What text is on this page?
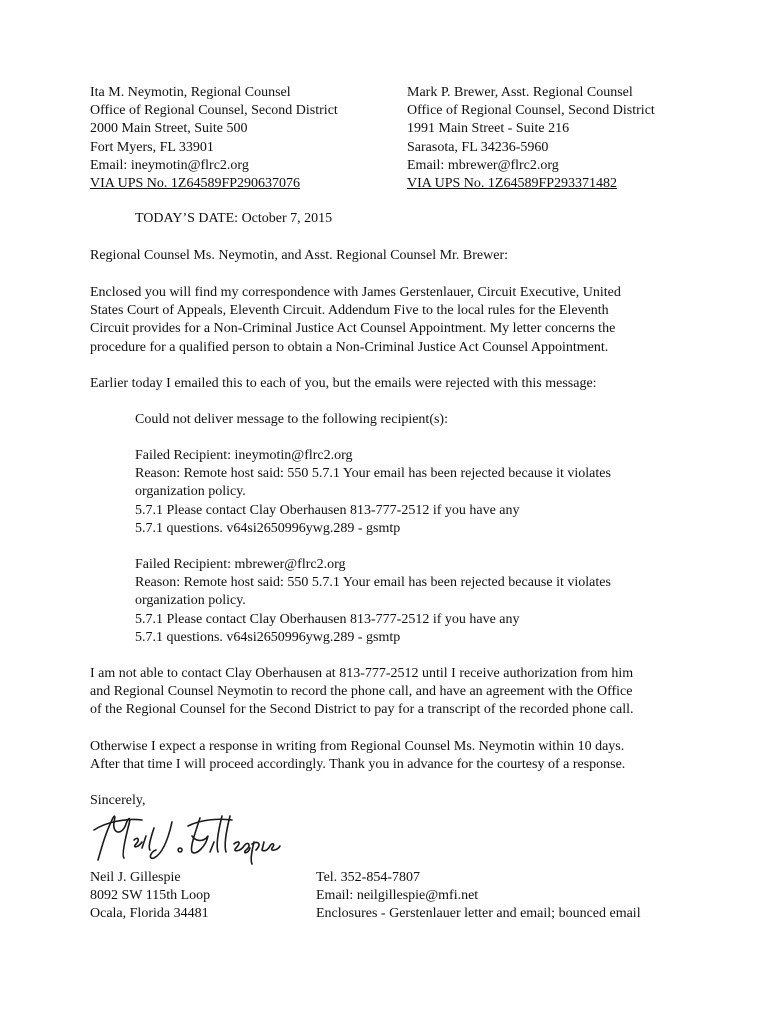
Ita M. Neymotin, Regional Counsel
Office of Regional Counsel, Second District
2000 Main Street, Suite 500
Fort Myers, FL 33901
Email: ineymotin@flrc2.org
VIA UPS No. 1Z64589FP290637076
Mark P. Brewer, Asst. Regional Counsel
Office of Regional Counsel, Second District
1991 Main Street - Suite 216
Sarasota, FL 34236-5960
Email: mbrewer@flrc2.org
VIA UPS No. 1Z64589FP293371482
TODAY’S DATE: October 7, 2015
Regional Counsel Ms. Neymotin, and Asst. Regional Counsel Mr. Brewer:
Enclosed you will find my correspondence with James Gerstenlauer, Circuit Executive, United
States Court of Appeals, Eleventh Circuit. Addendum Five to the local rules for the Eleventh
Circuit provides for a Non-Criminal Justice Act Counsel Appointment. My letter concerns the
procedure for a qualified person to obtain a Non-Criminal Justice Act Counsel Appointment.
Earlier today I emailed this to each of you, but the emails were rejected with this message:
Could not deliver message to the following recipient(s):
Failed Recipient: ineymotin@flrc2.org
Reason: Remote host said: 550 5.7.1 Your email has been rejected because it violates
organization policy.
5.7.1 Please contact Clay Oberhausen 813-777-2512 if you have any
5.7.1 questions. v64si2650996ywg.289 - gsmtp
Failed Recipient: mbrewer@flrc2.org
Reason: Remote host said: 550 5.7.1 Your email has been rejected because it violates
organization policy.
5.7.1 Please contact Clay Oberhausen 813-777-2512 if you have any
5.7.1 questions. v64si2650996ywg.289 - gsmtp
I am not able to contact Clay Oberhausen at 813-777-2512 until I receive authorization from him
and Regional Counsel Neymotin to record the phone call, and have an agreement with the Office
of the Regional Counsel for the Second District to pay for a transcript of the recorded phone call.
Otherwise I expect a response in writing from Regional Counsel Ms. Neymotin within 10 days.
After that time I will proceed accordingly. Thank you in advance for the courtesy of a response.
Sincerely,
Neil J. Gillespie
8092 SW 115th Loop
Ocala, Florida 34481
Tel. 352-854-7807
Email: neilgillespie@mfi.net
Enclosures - Gerstenlauer letter and email; bounced email
